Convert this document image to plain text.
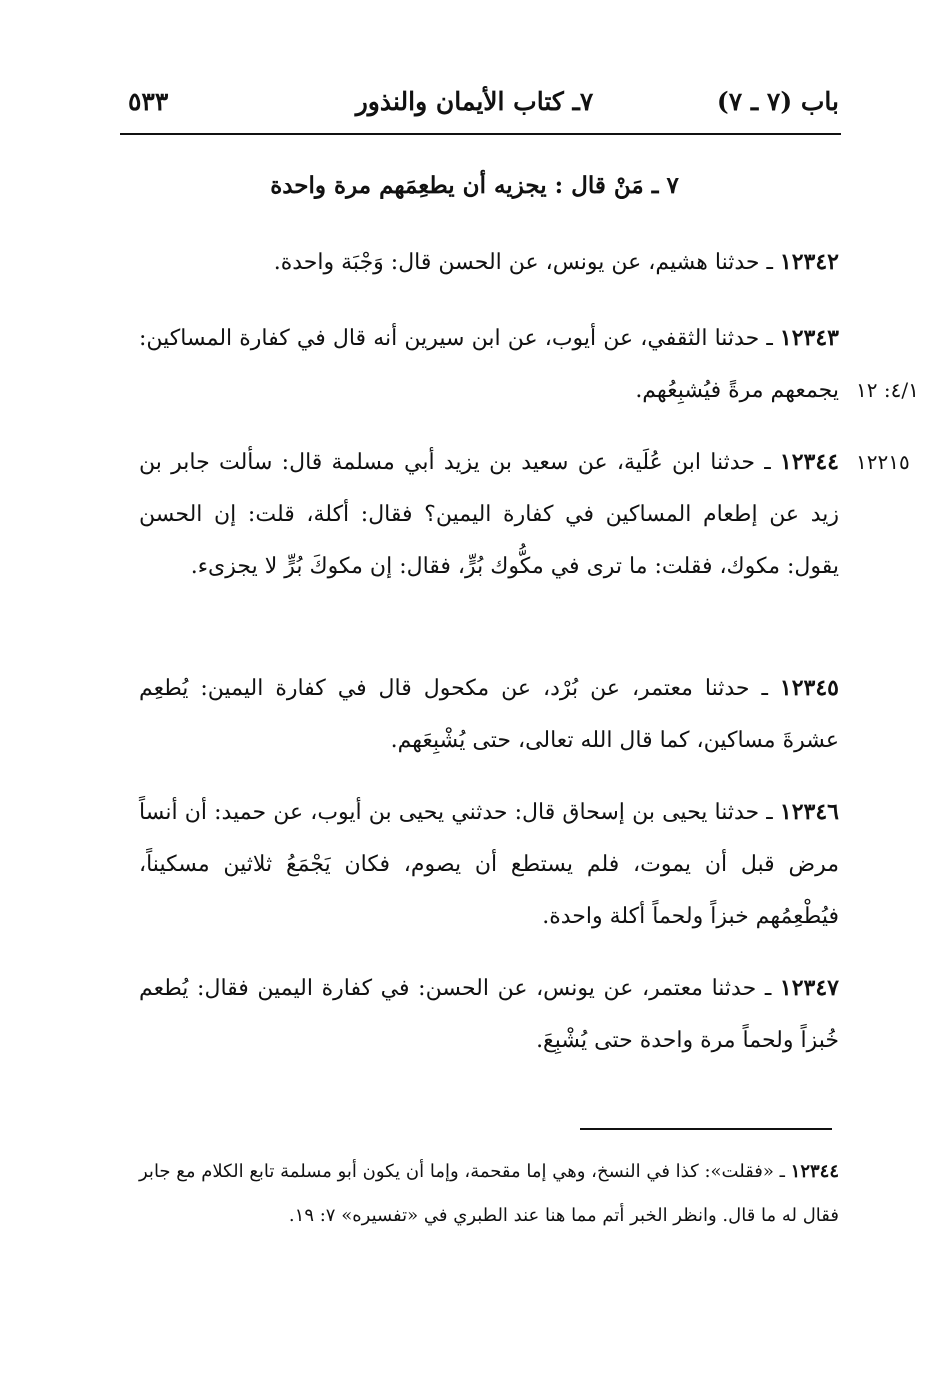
باب (٧ ـ ٧)
٧ـ كتاب الأيمان والنذور
٥٣٣
٧ ـ مَنْ قال : يجزيه أن يطعِمَهم مرة واحدة
١٢٣٤٢ ـ حدثنا هشيم، عن يونس، عن الحسن قال: وَجْبَة واحدة.
١٢٣٤٣ ـ حدثنا الثقفي، عن أيوب، عن ابن سيرين أنه قال في كفارة المساكين: يجمعهم مرةً فيُشبِعُهم. ٤/١: ١٢
١٢٣٤٤ ـ حدثنا ابن عُلَية، عن سعيد بن يزيد أبي مسلمة قال: سألت جابر بن زيد عن إطعام المساكين في كفارة اليمين؟ فقال: أكلة، قلت: إن الحسن يقول: مكوك، فقلت: ما ترى في مكُّوك بُرٍّ، فقال: إن مكوكَ بُرٍّ لا يجزىء.
١٢٢١٥
١٢٣٤٥ ـ حدثنا معتمر، عن بُرْد، عن مكحول قال في كفارة اليمين: يُطعِم عشرةَ مساكين، كما قال الله تعالى، حتى يُشْبِعَهم.
١٢٣٤٦ ـ حدثنا يحيى بن إسحاق قال: حدثني يحيى بن أيوب، عن حميد: أن أنساً مرض قبل أن يموت، فلم يستطع أن يصوم، فكان يَجْمَعُ ثلاثين مسكيناً، فيُطْعِمُهم خبزاً ولحماً أكلة واحدة.
١٢٣٤٧ ـ حدثنا معتمر، عن يونس، عن الحسن: في كفارة اليمين فقال: يُطعم خُبزاً ولحماً مرة واحدة حتى يُشْبِعَ.
١٢٣٤٤ ـ «فقلت»: كذا في النسخ، وهي إما مقحمة، وإما أن يكون أبو مسلمة تابع الكلام مع جابر فقال له ما قال. وانظر الخبر أتم مما هنا عند الطبري في «تفسيره» ٧: ١٩.
